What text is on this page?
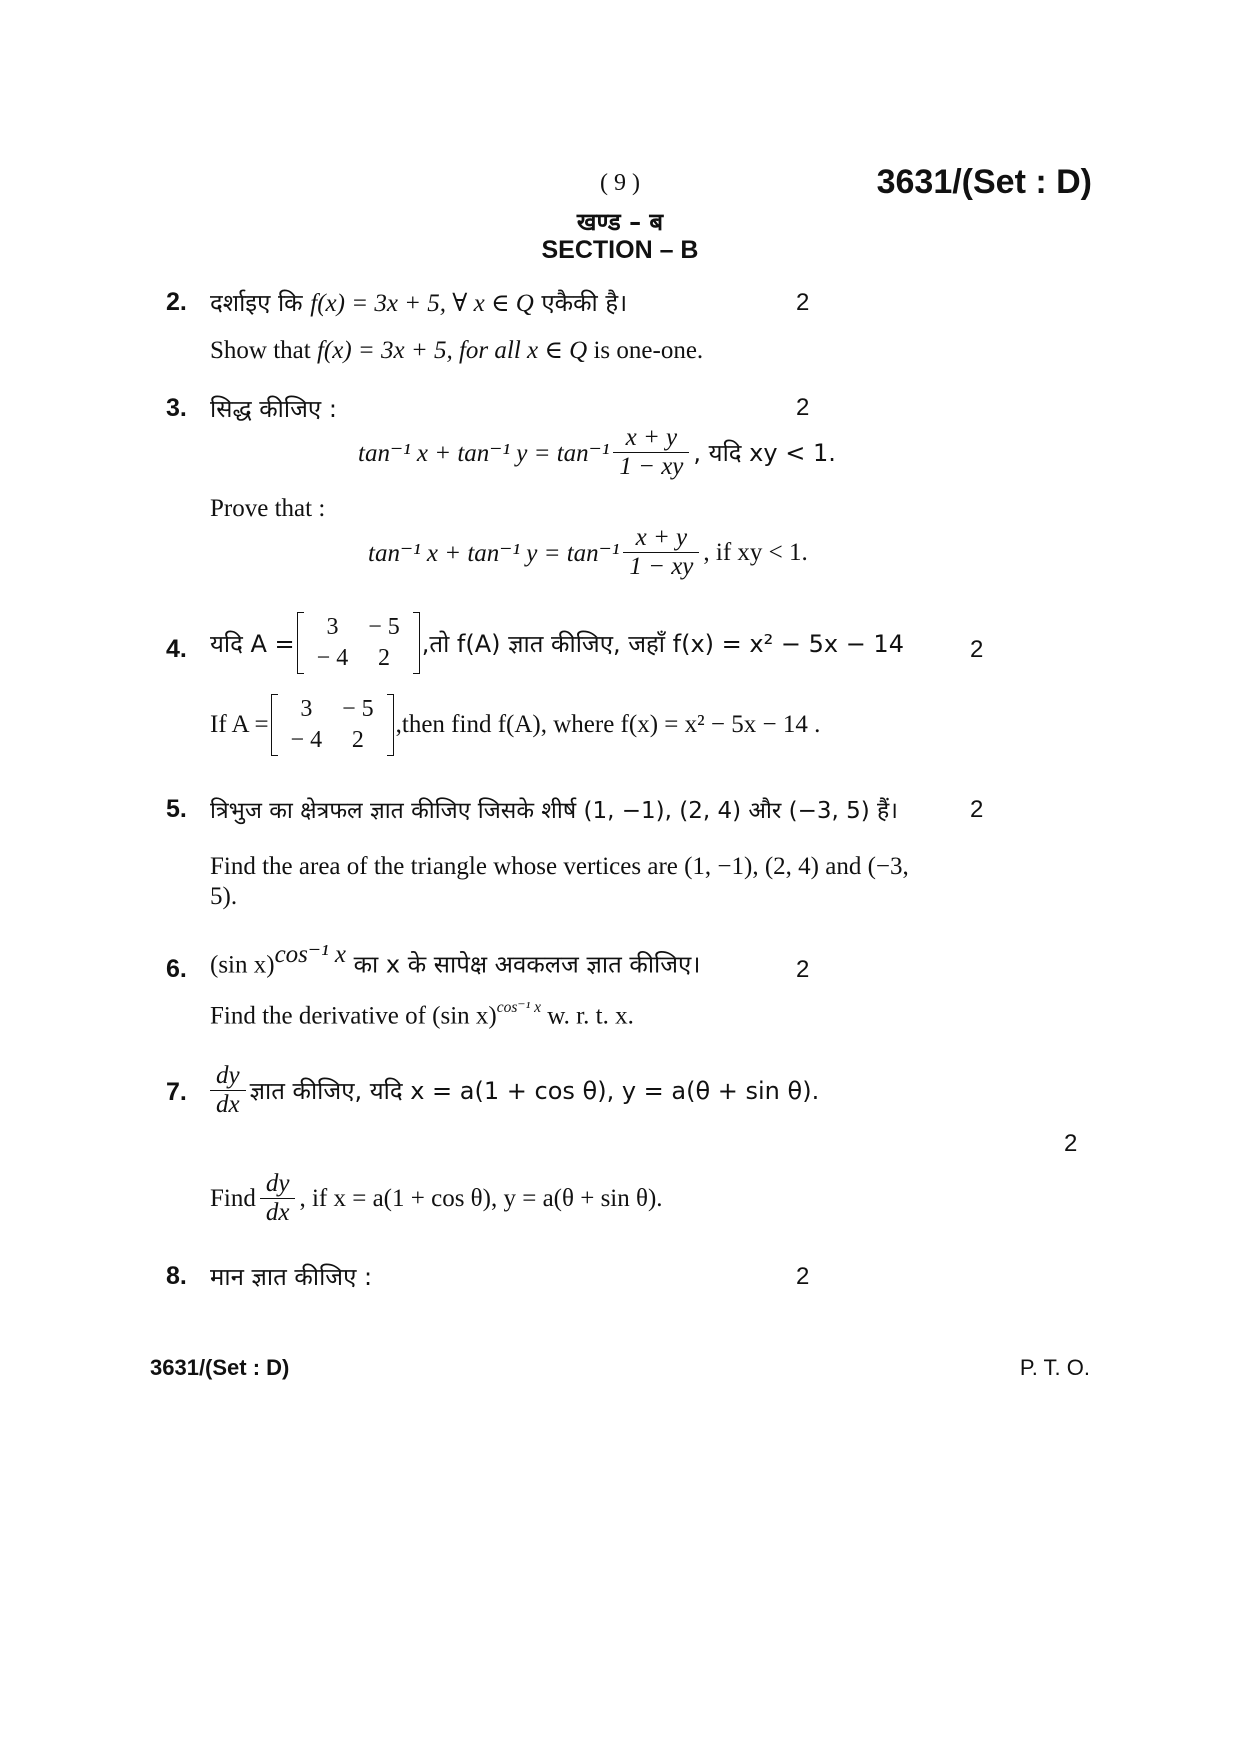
( 9 )	3631/(Set : D)
खण्ड – ब
SECTION – B
2. दर्शाइए कि f(x) = 3x + 5, ∀ x ∈ Q एकैकी है।	2
Show that f(x) = 3x + 5, for all x ∈ Q is one-one.
3. सिद्ध कीजिए :	2
tan⁻¹ x + tan⁻¹ $y = \tan^{-1} \frac{x + y}{1 - xy}$ , यदि xy < 1.
Prove that :
tan⁻¹ x + tan⁻¹ $y = \tan^{-1} \frac{x + y}{1 - xy}$ , if xy < 1.
4. यदि A =
3	− 5
− 4	2
,तो f(A) ज्ञात कीजिए, जहाँ f(x) = x² − 5x − 14	2
If A =
3	− 5
− 4	2
,then find f(A), where f(x) = x² − 5x − 14 .
5. त्रिभुज का क्षेत्रफल ज्ञात कीजिए जिसके शीर्ष (1, −1), (2, 4) और (−3, 5) हैं।	2
Find the area of the triangle whose vertices are (1, −1), (2, 4) and (−3,
5).
6. (sin x)$^{cos^{-1} x}$ का x के सापेक्ष अवकलज ज्ञात कीजिए।	2
Find the derivative of (sin x)$^{cos^{-1} x}$ w. r. t. x.
7. $\frac{dy}{dx}$ ज्ञात कीजिए, यदि x = a(1 + cos θ), y = a(θ + sin θ).
2
Find $\frac{dy}{dx}$ , if x = a(1 + cos θ), y = a(θ + sin θ).
8. मान ज्ञात कीजिए :	2
3631/(Set : D)	P. T. O.
